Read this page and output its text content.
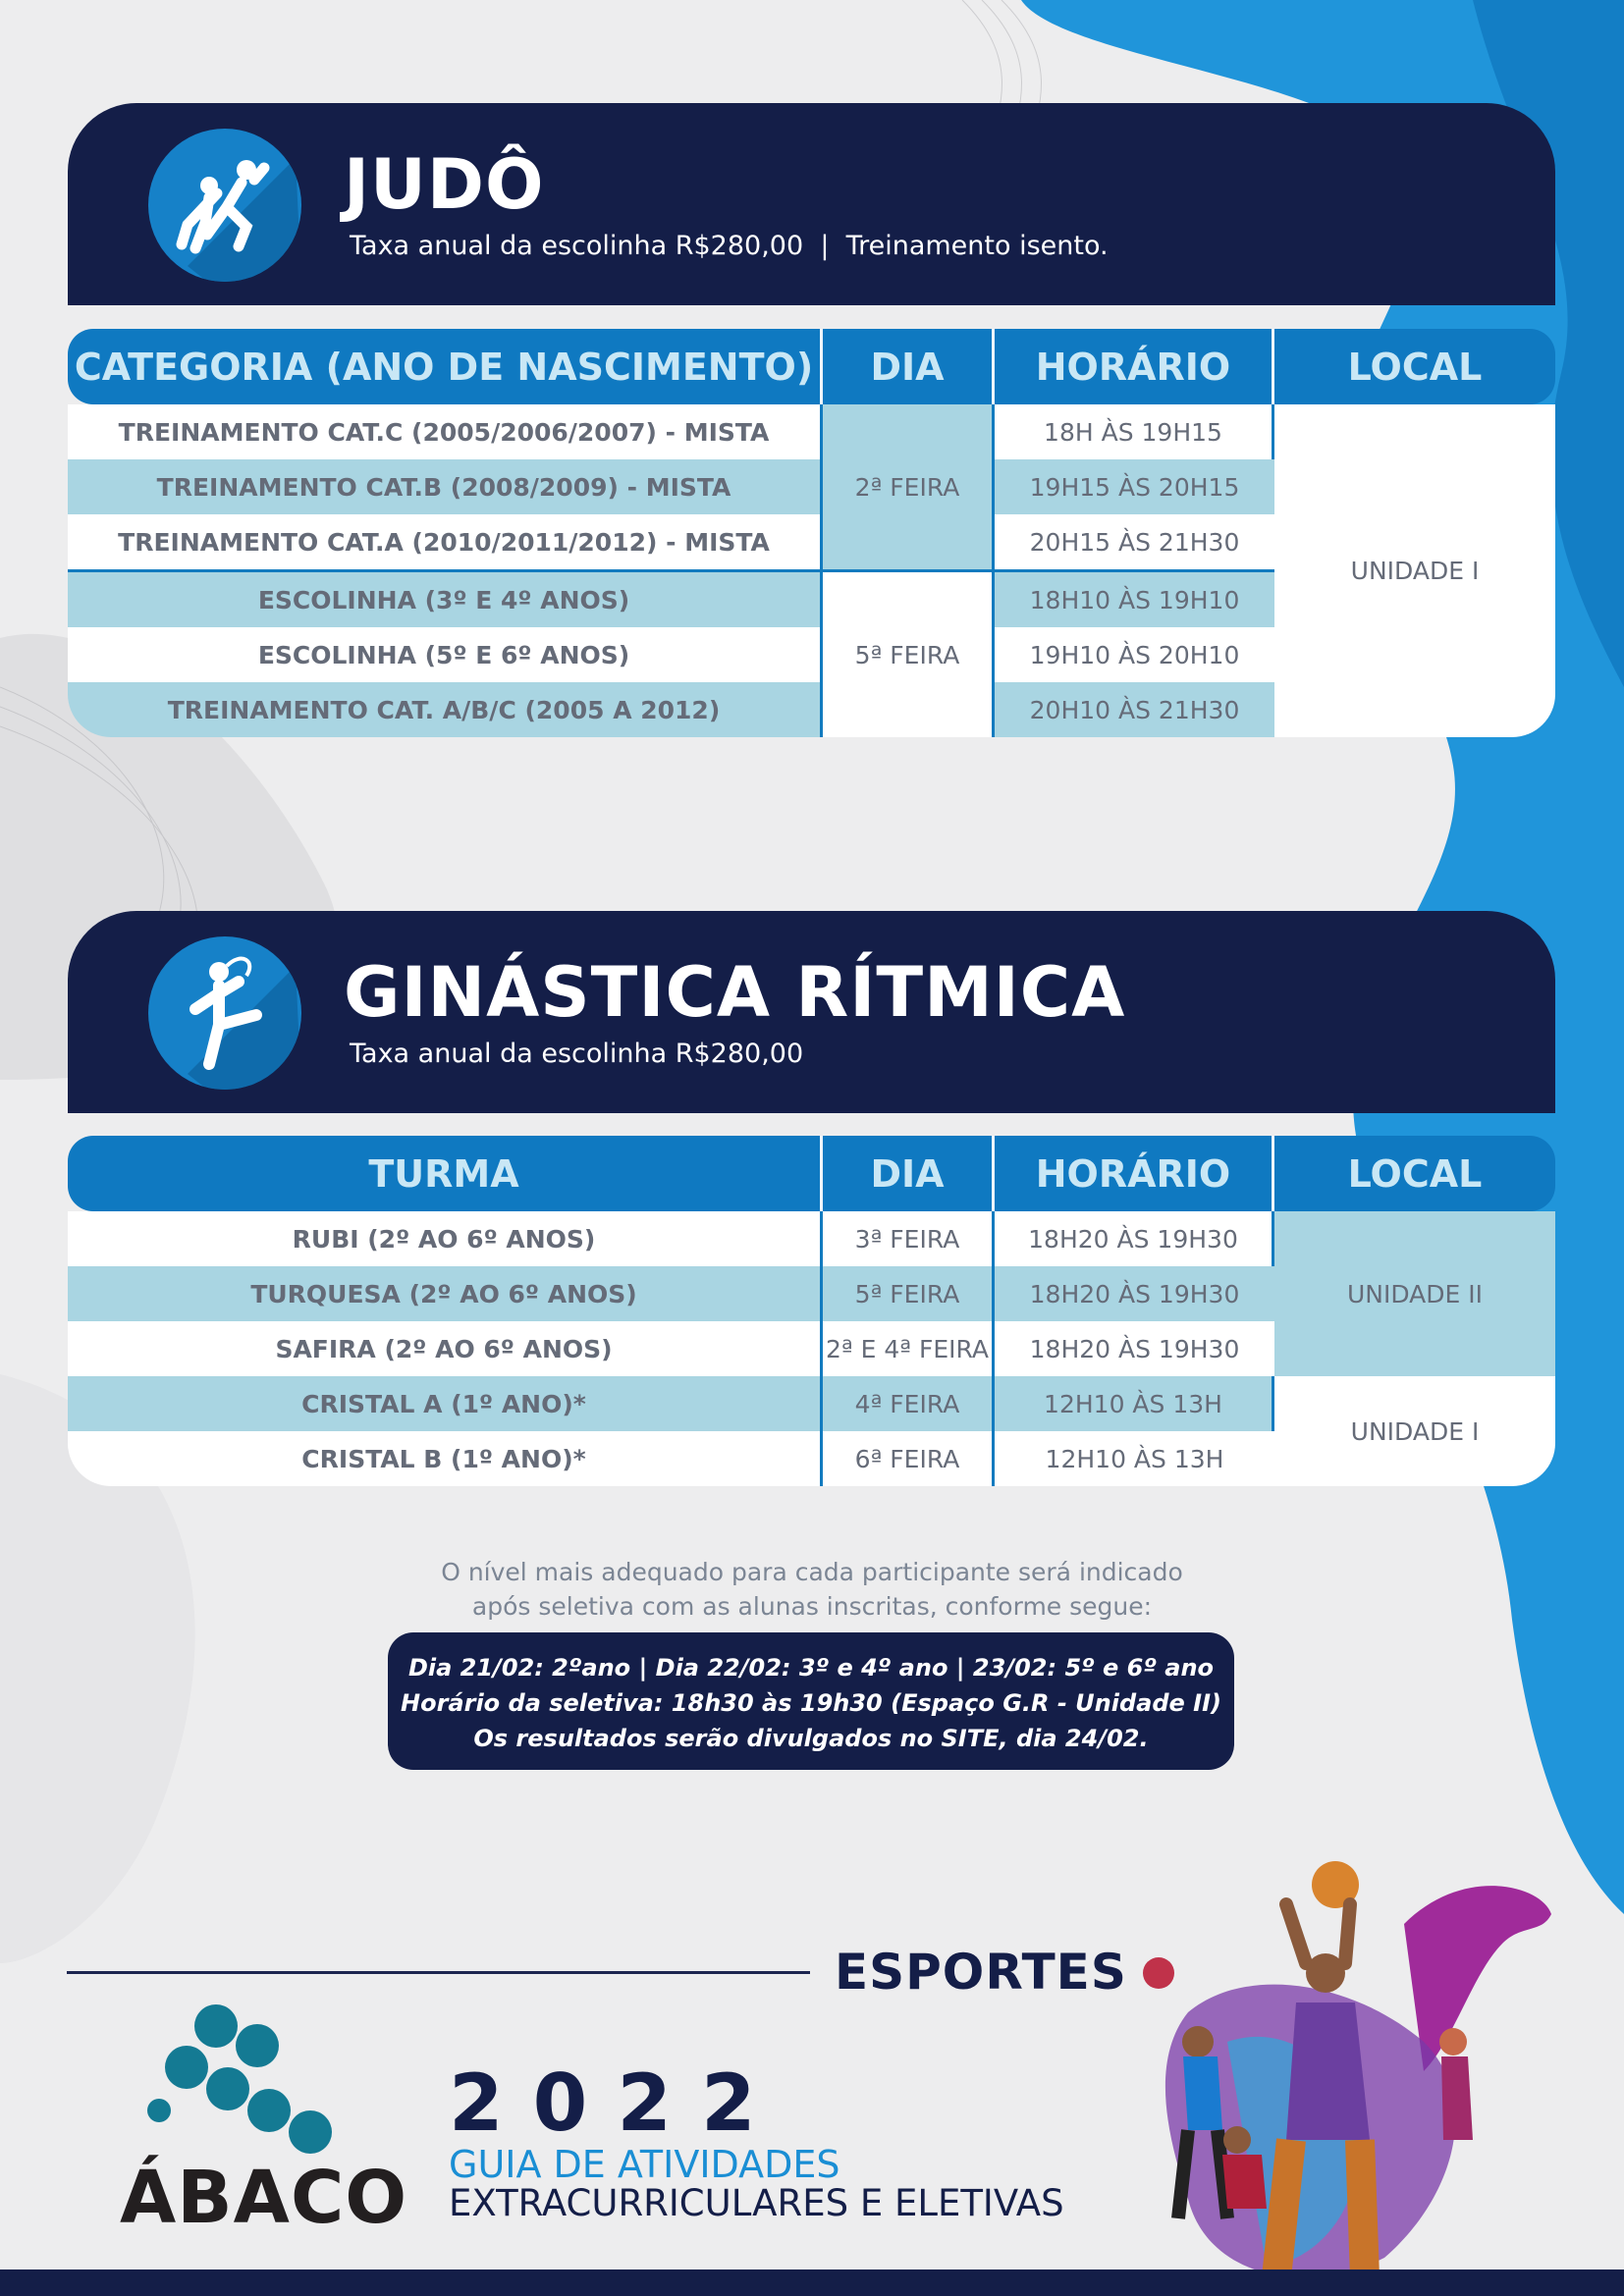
JUDÔ
Taxa anual da escolinha R$280,00  |  Treinamento isento.
CATEGORIA (ANO DE NASCIMENTO)	DIA	HORÁRIO	LOCAL
TREINAMENTO CAT.C (2005/2006/2007) - MISTA	2ª FEIRA	18H ÀS 19H15	UNIDADE I
TREINAMENTO CAT.B (2008/2009) - MISTA		19H15 ÀS 20H15	
TREINAMENTO CAT.A (2010/2011/2012) - MISTA		20H15 ÀS 21H30	
ESCOLINHA (3º E 4º ANOS)	5ª FEIRA	18H10 ÀS 19H10	
ESCOLINHA (5º E 6º ANOS)		19H10 ÀS 20H10	
TREINAMENTO CAT. A/B/C (2005 A 2012)		20H10 ÀS 21H30	
GINÁSTICA RÍTMICA
Taxa anual da escolinha R$280,00
TURMA	DIA	HORÁRIO	LOCAL
RUBI (2º AO 6º ANOS)	3ª FEIRA	18H20 ÀS 19H30	UNIDADE II
TURQUESA (2º AO 6º ANOS)	5ª FEIRA	18H20 ÀS 19H30	
SAFIRA (2º AO 6º ANOS)	2ª E 4ª FEIRA	18H20 ÀS 19H30	
CRISTAL A (1º ANO)*	4ª FEIRA	12H10 ÀS 13H	UNIDADE I
CRISTAL B (1º ANO)*	6ª FEIRA	12H10 ÀS 13H	
O nível mais adequado para cada participante será indicado
após seletiva com as alunas inscritas, conforme segue:
Dia 21/02: 2ºano | Dia 22/02: 3º e 4º ano | 23/02: 5º e 6º ano
Horário da seletiva: 18h30 às 19h30 (Espaço G.R - Unidade II)
Os resultados serão divulgados no SITE, dia 24/02.
ESPORTES
ÁBACO
2022
GUIA DE ATIVIDADES
EXTRACURRICULARES E ELETIVAS
